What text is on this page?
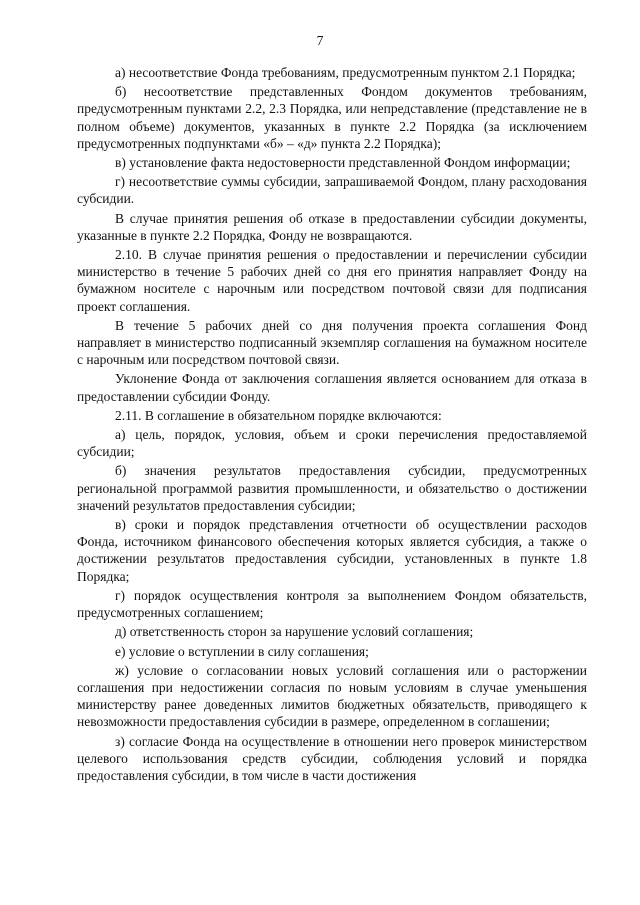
7

а) несоответствие Фонда требованиям, предусмотренным пунктом 2.1 Порядка;

б) несоответствие представленных Фондом документов требованиям, предусмотренным пунктами 2.2, 2.3 Порядка, или непредставление (представление не в полном объеме) документов, указанных в пункте 2.2 Порядка (за исключением предусмотренных подпунктами «б» – «д» пункта 2.2 Порядка);

в) установление факта недостоверности представленной Фондом информации;

г) несоответствие суммы субсидии, запрашиваемой Фондом, плану расходования субсидии.

В случае принятия решения об отказе в предоставлении субсидии документы, указанные в пункте 2.2 Порядка, Фонду не возвращаются.

2.10. В случае принятия решения о предоставлении и перечислении субсидии министерство в течение 5 рабочих дней со дня его принятия направляет Фонду на бумажном носителе с нарочным или посредством почтовой связи для подписания проект соглашения.

В течение 5 рабочих дней со дня получения проекта соглашения Фонд направляет в министерство подписанный экземпляр соглашения на бумажном носителе с нарочным или посредством почтовой связи.

Уклонение Фонда от заключения соглашения является основанием для отказа в предоставлении субсидии Фонду.

2.11. В соглашение в обязательном порядке включаются:

а) цель, порядок, условия, объем и сроки перечисления предоставляемой субсидии;

б) значения результатов предоставления субсидии, предусмотренных региональной программой развития промышленности, и обязательство о достижении значений результатов предоставления субсидии;

в) сроки и порядок представления отчетности об осуществлении расходов Фонда, источником финансового обеспечения которых является субсидия, а также о достижении результатов предоставления субсидии, установленных в пункте 1.8 Порядка;

г) порядок осуществления контроля за выполнением Фондом обязательств, предусмотренных соглашением;

д) ответственность сторон за нарушение условий соглашения;

е) условие о вступлении в силу соглашения;

ж) условие о согласовании новых условий соглашения или о расторжении соглашения при недостижении согласия по новым условиям в случае уменьшения министерству ранее доведенных лимитов бюджетных обязательств, приводящего к невозможности предоставления субсидии в размере, определенном в соглашении;

з) согласие Фонда на осуществление в отношении него проверок министерством целевого использования средств субсидии, соблюдения условий и порядка предоставления субсидии, в том числе в части достижения
